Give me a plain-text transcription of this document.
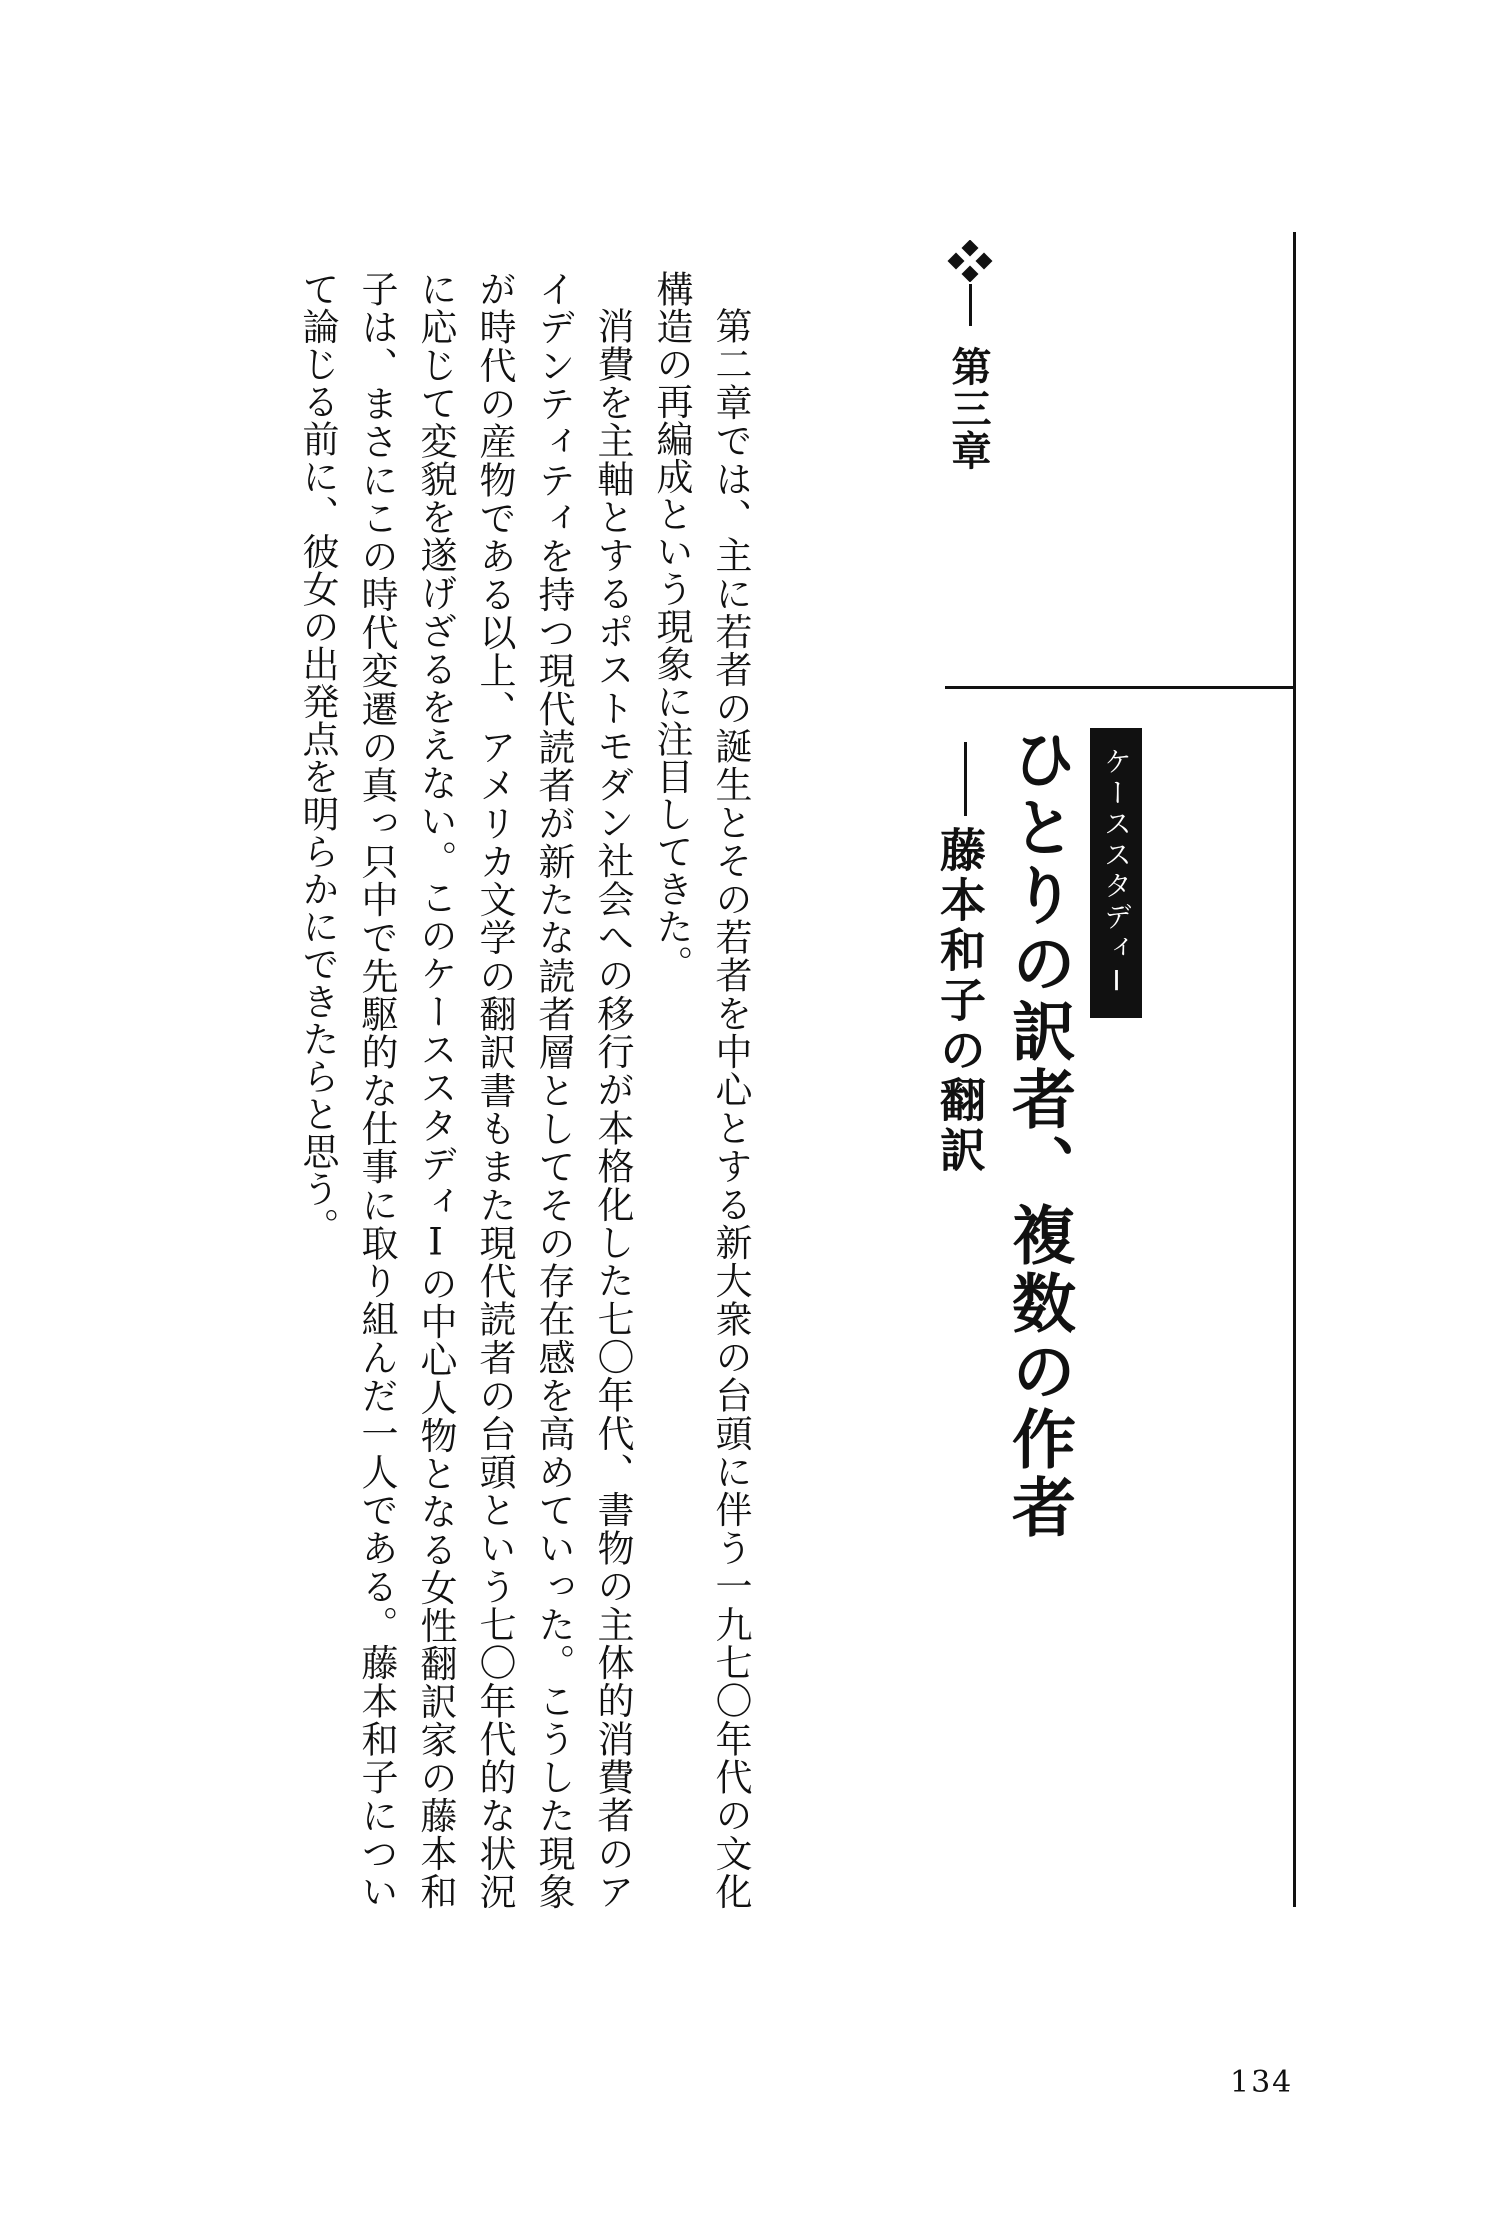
第三章
ケーススタディⅠ
ひとりの訳者、複数の作者
藤本和子の翻訳

第二章では、主に若者の誕生とその若者を中心とする新大衆の台頭に伴う一九七〇年代の文化構造の再編成という現象に注目してきた。

消費を主軸とするポストモダン社会への移行が本格化した七〇年代、書物の主体的消費者のアイデンティティを持つ現代読者が新たな読者層としてその存在感を高めていった。こうした現象が時代の産物である以上、アメリカ文学の翻訳書もまた現代読者の台頭という七〇年代的な状況に応じて変貌を遂げざるをえない。このケーススタディⅠの中心人物となる女性翻訳家の藤本和子は、まさにこの時代変遷の真っ只中で先駆的な仕事に取り組んだ一人である。藤本和子について論じる前に、彼女の出発点を明らかにできたらと思う。

134
